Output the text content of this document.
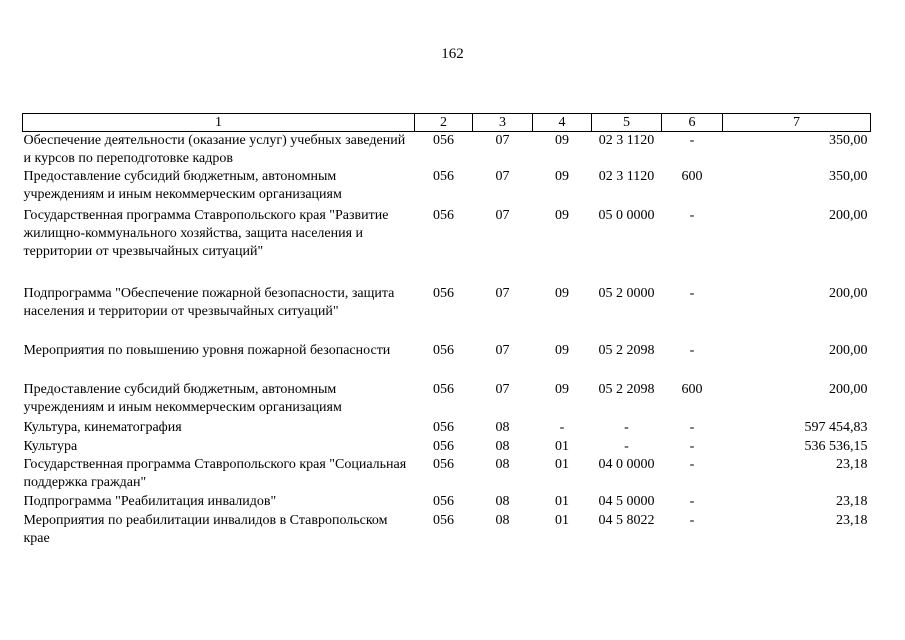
162
1	2	3	4	5	6	7
Обеспечение деятельности (оказание услуг) учебных заведений и курсов по переподготовке кадров	056	07	09	02 3 1120	-	350,00
Предоставление субсидий бюджетным, автономным учреждениям и иным некоммерческим организациям	056	07	09	02 3 1120	600	350,00
Государственная программа Ставропольского края "Развитие жилищно-коммунального хозяйства, защита населения и территории от чрезвычайных ситуаций"	056	07	09	05 0 0000	-	200,00
Подпрограмма "Обеспечение пожарной безопасности, защита населения и территории от чрезвычайных ситуаций"	056	07	09	05 2 0000	-	200,00
Мероприятия по повышению уровня пожарной безопасности	056	07	09	05 2 2098	-	200,00
Предоставление субсидий бюджетным, автономным учреждениям и иным некоммерческим организациям	056	07	09	05 2 2098	600	200,00
Культура, кинематография	056	08	-	-	-	597 454,83
Культура	056	08	01	-	-	536 536,15
Государственная программа Ставропольского края "Социальная поддержка граждан"	056	08	01	04 0 0000	-	23,18
Подпрограмма "Реабилитация инвалидов"	056	08	01	04 5 0000	-	23,18
Мероприятия по реабилитации инвалидов в Ставропольском крае	056	08	01	04 5 8022	-	23,18
